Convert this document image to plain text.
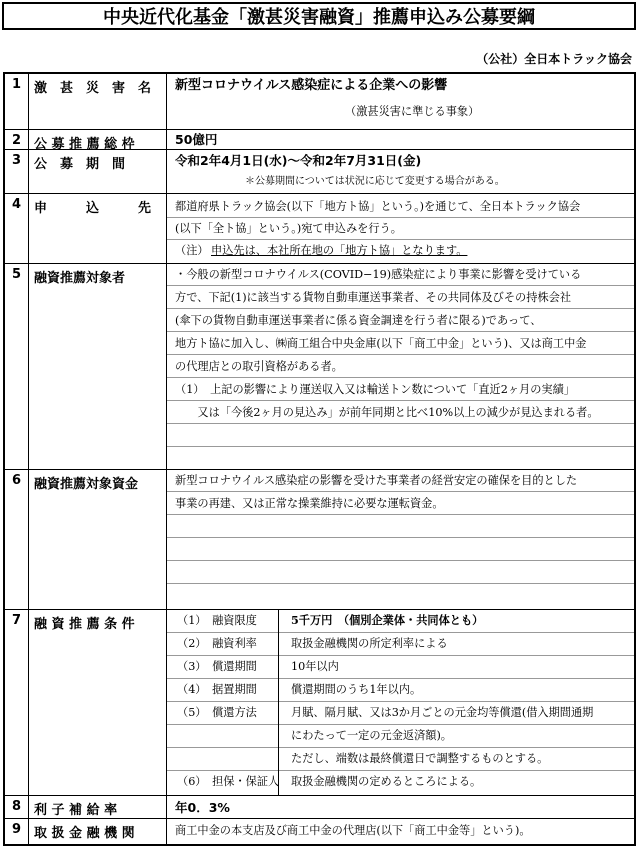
中央近代化基金「激甚災害融資」推薦申込み公募要綱
（公社）全日本トラック協会
1 激　甚　災　害　名	新型コロナウイルス感染症による企業への影響
（激甚災害に準じる事象）
2 公 募 推 薦 総 枠	50億円
3 公　募　期　間	令和2年4月1日(水)～令和2年7月31日(金)
＊公募期間については状況に応じて変更する場合がある。
4 申　　　込　　　先	都道府県トラック協会(以下「地方ト協」という。)を通じて、全日本トラック協会
(以下「全ト協」という。)宛て申込みを行う。
（注） 申込先は、本社所在地の「地方ト協」となります。
5 融資推薦対象者	・今般の新型コロナウイルス(COVID−19)感染症により事業に影響を受けている
方で、下記(1)に該当する貨物自動車運送事業者、その共同体及びその持株会社
(傘下の貨物自動車運送事業者に係る資金調達を行う者に限る)であって、
地方ト協に加入し、㈱商工組合中央金庫(以下「商工中金」という)、又は商工中金
の代理店との取引資格がある者。
（1）　上記の影響により運送収入又は輸送トン数について「直近2ヶ月の実績」
　　又は「今後2ヶ月の見込み」が前年同期と比べ10%以上の減少が見込まれる者。
6 融資推薦対象資金	新型コロナウイルス感染症の影響を受けた事業者の経営安定の確保を目的とした
事業の再建、又は正常な操業維持に必要な運転資金。
7 融 資 推 薦 条 件	（1）　融資限度	5千万円　（個別企業体・共同体とも）
（2）　融資利率	取扱金融機関の所定利率による
（3）　償還期間	10年以内
（4）　据置期間	償還期間のうち1年以内。
（5）　償還方法	月賦、隔月賦、又は3か月ごとの元金均等償還(借入期間通期
にわたって一定の元金返済額)。
ただし、端数は最終償還日で調整するものとする。
（6）　担保・保証人	取扱金融機関の定めるところによる。
8 利 子 補 給 率	年0．3%
9 取 扱 金 融 機 関	商工中金の本支店及び商工中金の代理店(以下「商工中金等」という)。
